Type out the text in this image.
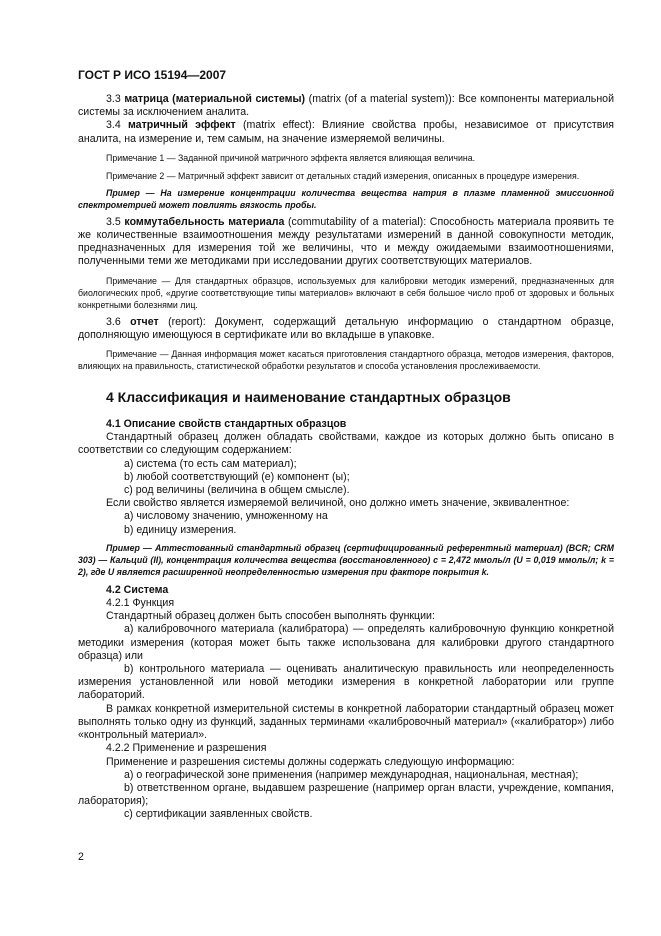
ГОСТ Р ИСО 15194—2007

3.3 матрица (материальной системы) (matrix (of a material system)): Все компоненты материальной системы за исключением аналита.

3.4 матричный эффект (matrix effect): Влияние свойства пробы, независимое от присутствия аналита, на измерение и, тем самым, на значение измеряемой величины.

Примечание 1 — Заданной причиной матричного эффекта является влияющая величина.

Примечание 2 — Матричный эффект зависит от детальных стадий измерения, описанных в процедуре измерения.

Пример — На измерение концентрации количества вещества натрия в плазме пламенной эмиссионной спектрометрией может повлиять вязкость пробы.

3.5 коммутабельность материала (commutability of a material): Способность материала проявить те же количественные взаимоотношения между результатами измерений в данной совокупности методик, предназначенных для измерения той же величины, что и между ожидаемыми взаимоотношениями, полученными теми же методиками при исследовании других соответствующих материалов.

Примечание — Для стандартных образцов, используемых для калибровки методик измерений, предназначенных для биологических проб, «другие соответствующие типы материалов» включают в себя большое число проб от здоровых и больных конкретными болезнями лиц.

3.6 отчет (report): Документ, содержащий детальную информацию о стандартном образце, дополняющую имеющуюся в сертификате или во вкладыше в упаковке.

Примечание — Данная информация может касаться приготовления стандартного образца, методов измерения, факторов, влияющих на правильность, статистической обработки результатов и способа установления прослеживаемости.

4 Классификация и наименование стандартных образцов

4.1 Описание свойств стандартных образцов

Стандартный образец должен обладать свойствами, каждое из которых должно быть описано в соответствии со следующим содержанием:

a) система (то есть сам материал);

b) любой соответствующий (е) компонент (ы);

c) род величины (величина в общем смысле).

Если свойство является измеряемой величиной, оно должно иметь значение, эквивалентное:

a) числовому значению, умноженному на

b) единицу измерения.

Пример — Аттестованный стандартный образец (сертифицированный референтный материал) (BCR; CRM 303) — Кальций (II), концентрация количества вещества (восстановленного) c = 2,472 ммоль/л (U = 0,019 ммоль/л; k = 2), где U является расширенной неопределенностью измерения при факторе покрытия k.

4.2 Система

4.2.1 Функция

Стандартный образец должен быть способен выполнять функции:

a) калибровочного материала (калибратора) — определять калибровочную функцию конкретной методики измерения (которая может быть также использована для калибровки другого стандартного образца) или

b) контрольного материала — оценивать аналитическую правильность или неопределенность измерения установленной или новой методики измерения в конкретной лаборатории или группе лабораторий.

В рамках конкретной измерительной системы в конкретной лаборатории стандартный образец может выполнять только одну из функций, заданных терминами «калибровочный материал» («калибратор») либо «контрольный материал».

4.2.2 Применение и разрешения

Применение и разрешения системы должны содержать следующую информацию:

a) о географической зоне применения (например международная, национальная, местная);

b) ответственном органе, выдавшем разрешение (например орган власти, учреждение, компания, лаборатория);

c) сертификации заявленных свойств.

2
